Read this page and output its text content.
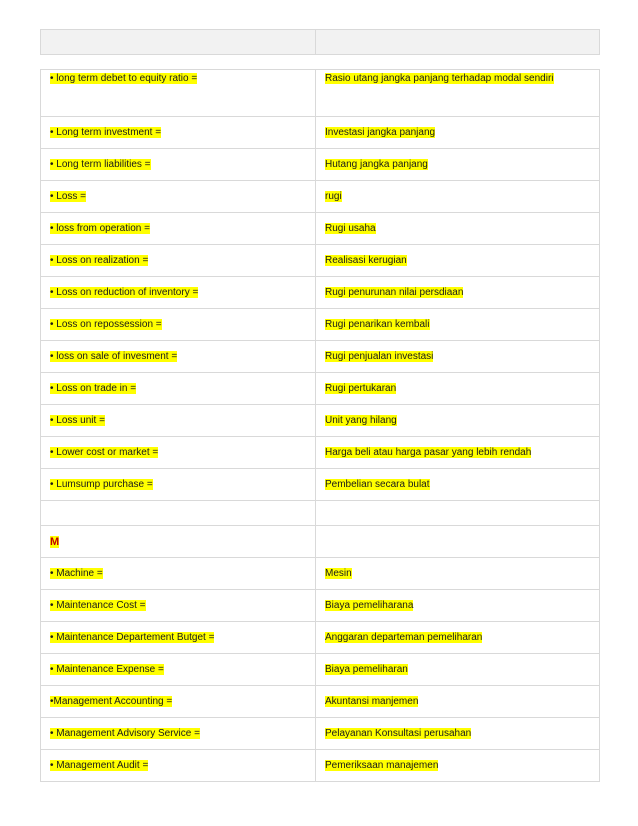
• long term debet to equity ratio =	Rasio utang jangka panjang terhadap modal sendiri
• Long term investment =	Investasi jangka panjang
• Long term liabilities =	Hutang jangka panjang
• Loss =	rugi
• loss from operation =	Rugi usaha
• Loss on realization =	Realisasi kerugian
• Loss on reduction of inventory =	Rugi penurunan nilai persdiaan
• Loss on repossession =	Rugi penarikan kembali
• loss on sale of invesment =	Rugi penjualan investasi
• Loss on trade in =	Rugi pertukaran
• Loss unit =	Unit yang hilang
• Lower cost or market =	Harga beli atau harga pasar yang lebih rendah
• Lumsump purchase =	Pembelian secara bulat

M	
• Machine =	Mesin
• Maintenance Cost =	Biaya pemeliharana
• Maintenance Departement Butget =	Anggaran departeman pemeliharan
• Maintenance Expense =	Biaya pemeliharan
•Management Accounting =	Akuntansi manjemen
• Management Advisory Service =	Pelayanan Konsultasi perusahan
• Management Audit =	Pemeriksaan manajemen
